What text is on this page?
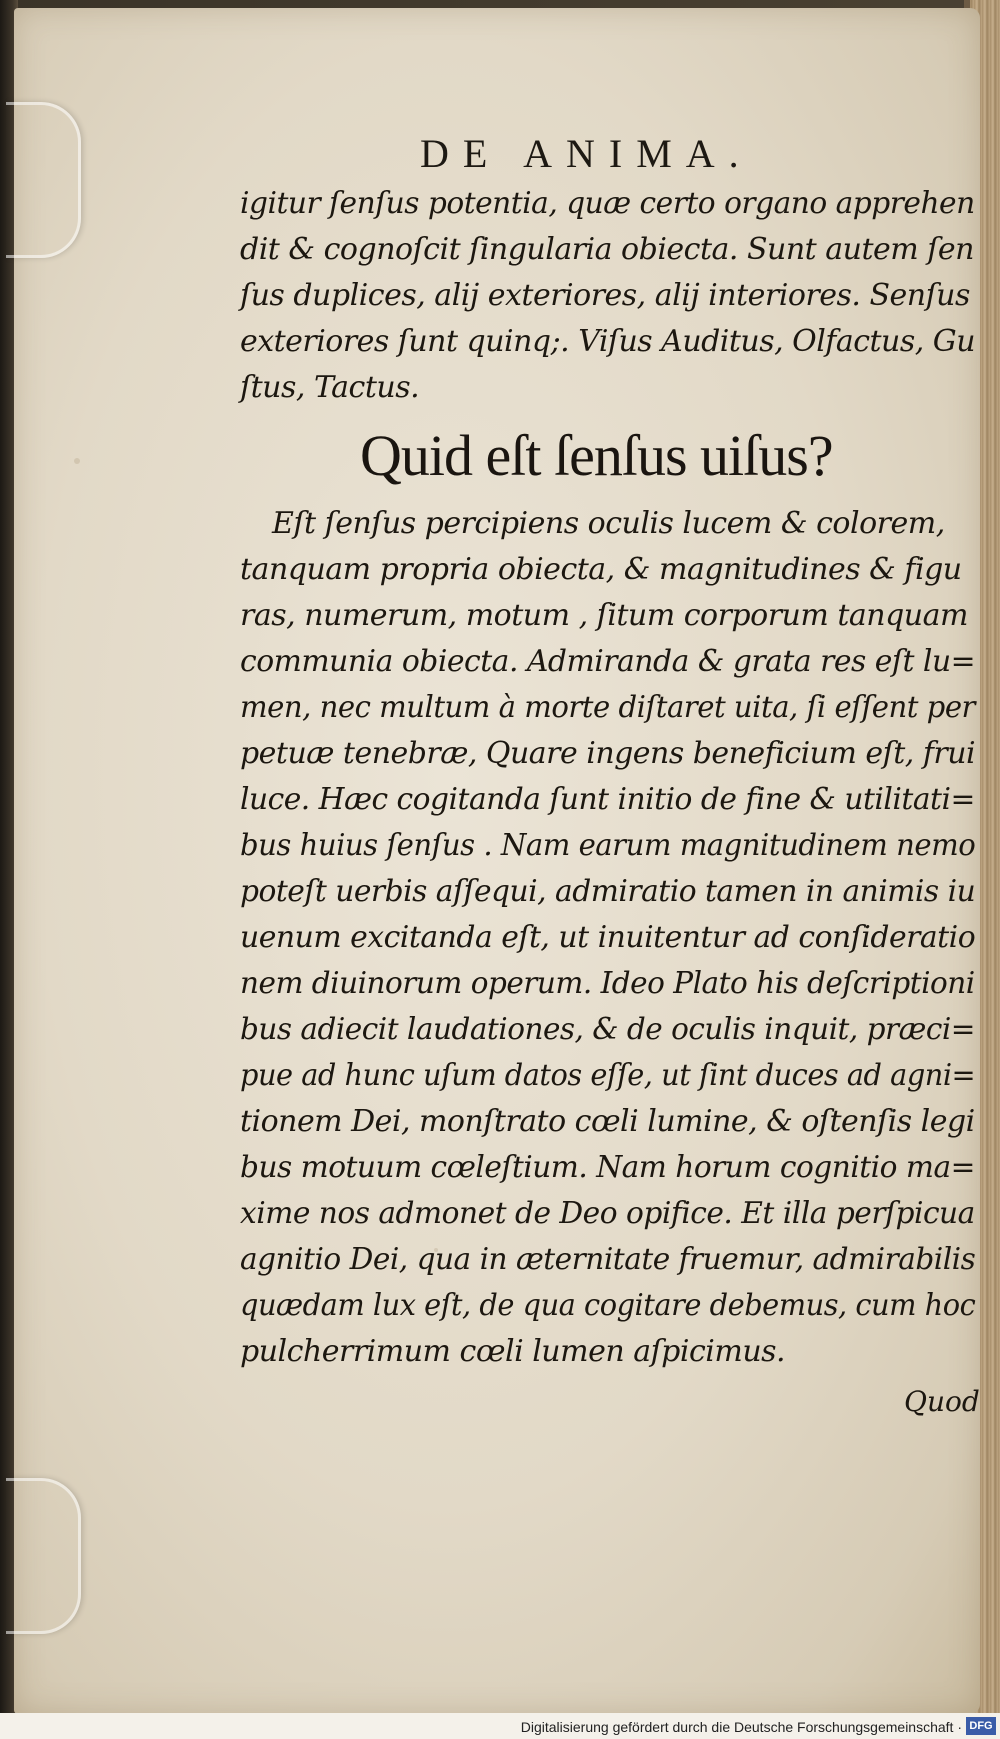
DE ANIMA.
igitur ſenſus potentia, quæ certo organo apprehen
dit & cognoſcit ſingularia obiecta. Sunt autem ſen
ſus duplices, alij exteriores, alij interiores. Senſus
exteriores ſunt quinq;. Viſus Auditus, Olfactus, Gu
ſtus, Tactus.
Quid eſt ſenſus uiſus?
Eſt ſenſus percipiens oculis lucem & colorem,
tanquam propria obiecta, & magnitudines & figu
ras, numerum, motum , ſitum corporum tanquam
communia obiecta. Admiranda & grata res eſt lu=
men, nec multum à morte diſtaret uita, ſi eſſent per
petuæ tenebræ, Quare ingens beneficium eſt, frui
luce. Hæc cogitanda ſunt initio de fine & utilitati=
bus huius ſenſus . Nam earum magnitudinem nemo
poteſt uerbis aſſequi, admiratio tamen in animis iu
uenum excitanda eſt, ut inuitentur ad conſideratio
nem diuinorum operum. Ideo Plato his deſcriptioni
bus adiecit laudationes, & de oculis inquit, præci=
pue ad hunc uſum datos eſſe, ut ſint duces ad agni=
tionem Dei, monſtrato cœli lumine, & oſtenſis legi
bus motuum cœleſtium. Nam horum cognitio ma=
xime nos admonet de Deo opifice. Et illa perſpicua
agnitio Dei, qua in æternitate fruemur, admirabilis
quædam lux eſt, de qua cogitare debemus, cum hoc
pulcherrimum cœli lumen aſpicimus.
Quod
Digitalisierung gefördert durch die Deutsche Forschungsgemeinschaft · DFG
